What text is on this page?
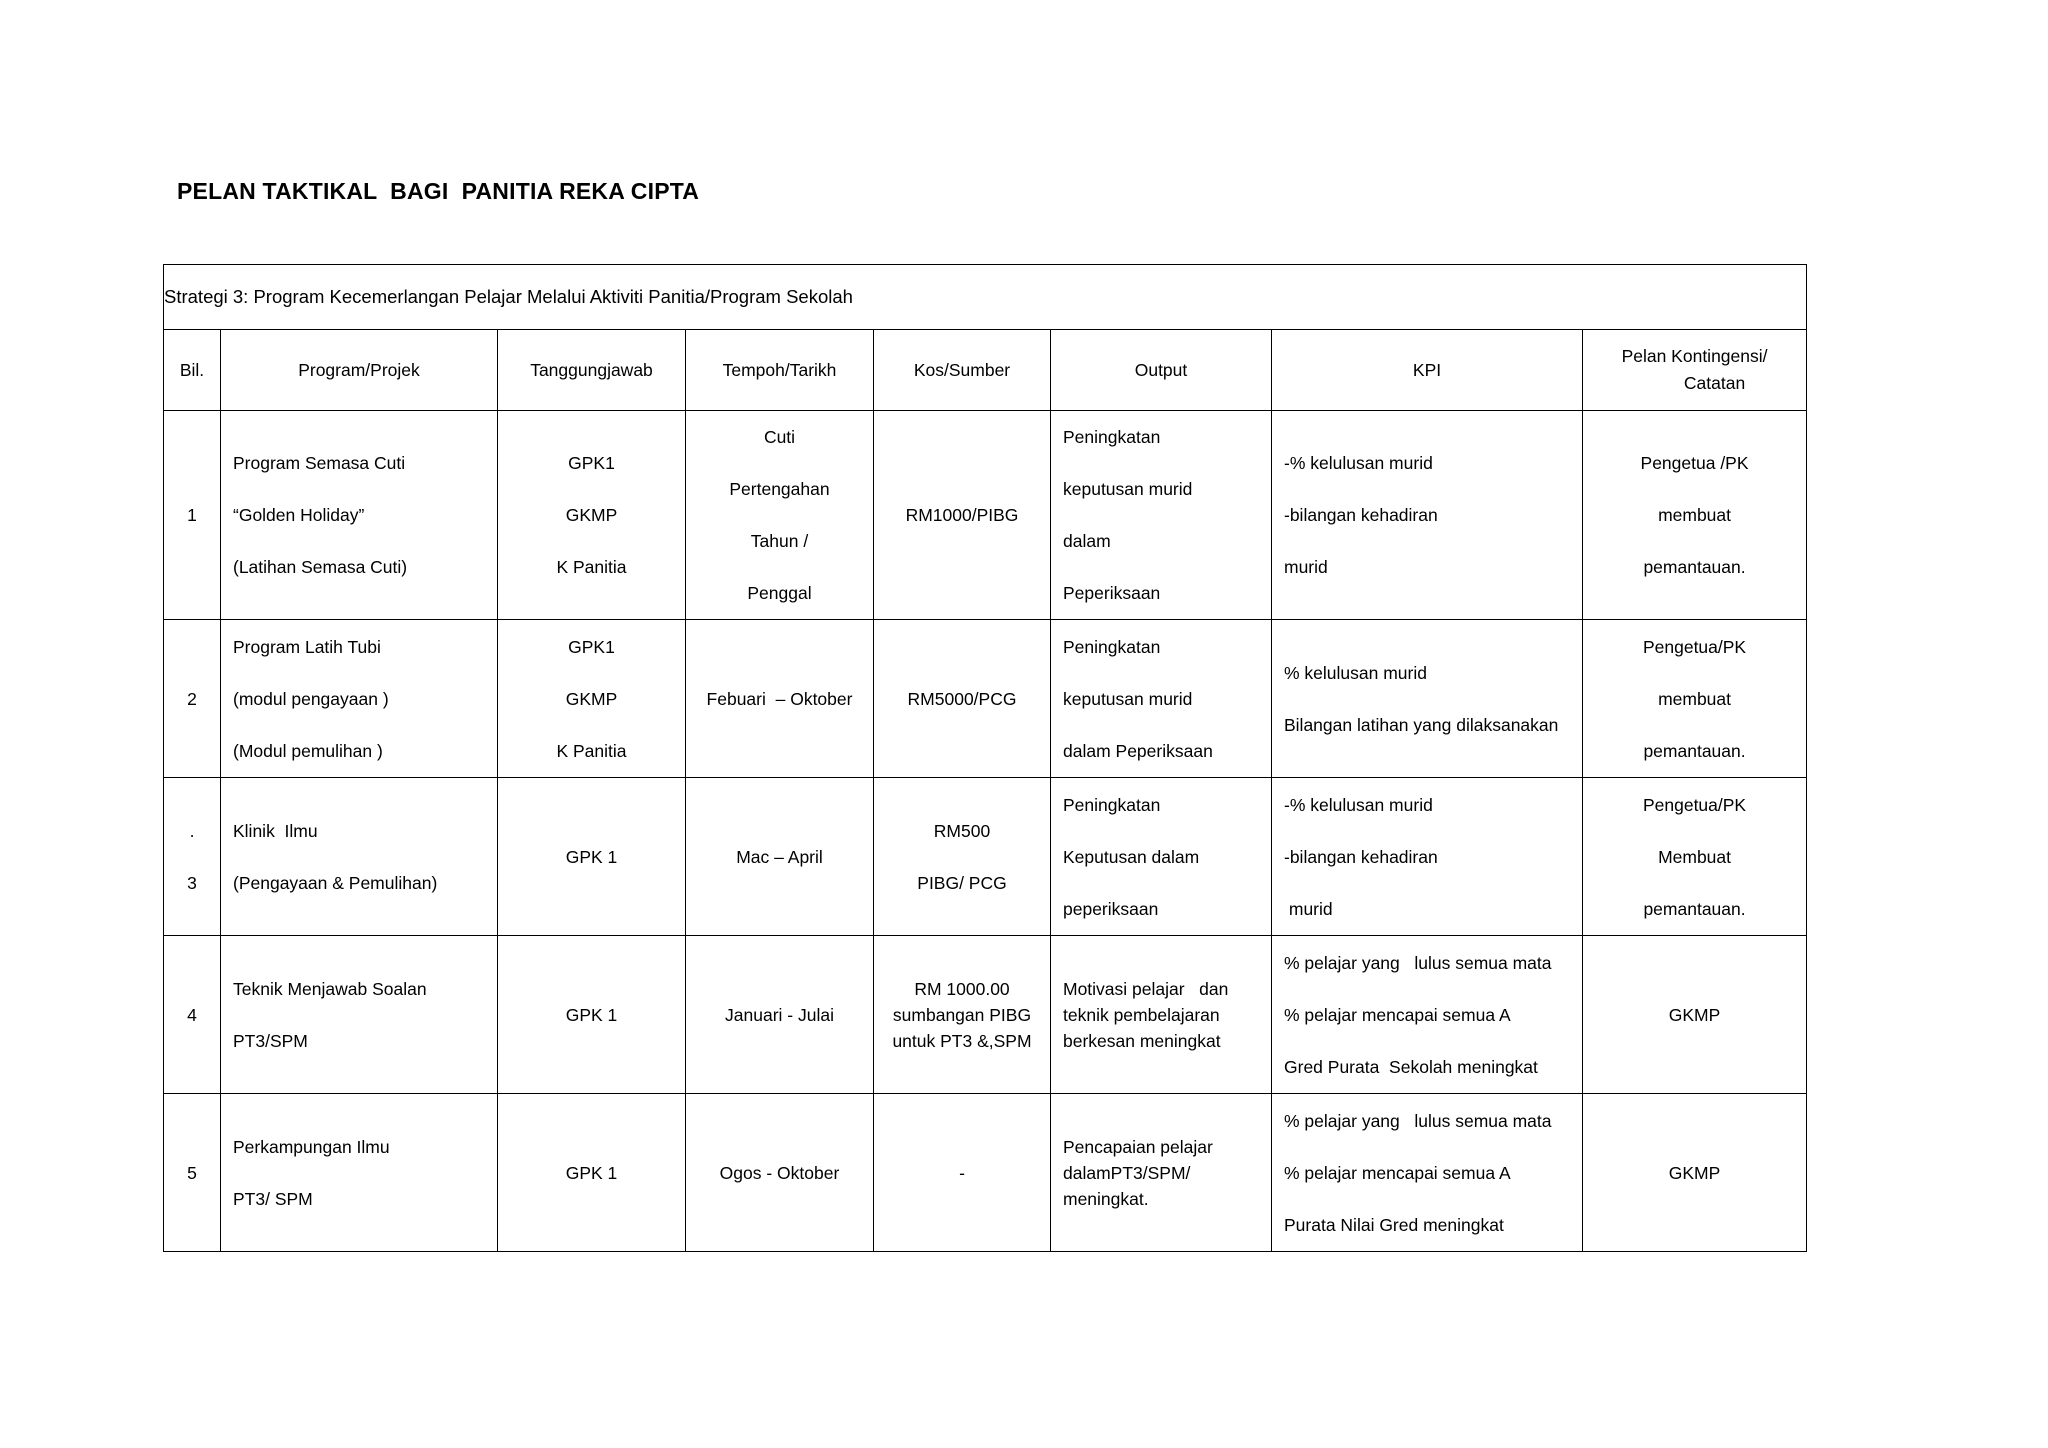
PELAN TAKTIKAL  BAGI  PANITIA REKA CIPTA
Strategi 3: Program Kecemerlangan Pelajar Melalui Aktiviti Panitia/Program Sekolah							
Bil.	Program/Projek	Tanggungjawab	Tempoh/Tarikh	Kos/Sumber	Output	KPI	Pelan Kontingensi/
Catatan

1	Program Semasa Cuti
“Golden Holiday”
(Latihan Semasa Cuti)	GPK1
GKMP
K Panitia	Cuti
Pertengahan
Tahun /
Penggal	RM1000/PIBG	Peningkatan
keputusan murid
dalam
Peperiksaan	-% kelulusan murid
-bilangan kehadiran
murid	Pengetua /PK
membuat
pemantauan.

2	Program Latih Tubi
(modul pengayaan )
(Modul pemulihan )	GPK1
GKMP
K Panitia	Febuari  – Oktober	RM5000/PCG	Peningkatan
keputusan murid
dalam Peperiksaan	% kelulusan murid
Bilangan latihan yang dilaksanakan	Pengetua/PK
membuat
pemantauan.

.
3	Klinik  Ilmu
(Pengayaan & Pemulihan)	GPK 1	Mac – April	RM500
PIBG/ PCG	Peningkatan
Keputusan dalam
peperiksaan	-% kelulusan murid
-bilangan kehadiran
murid	Pengetua/PK
Membuat
pemantauan.

4	Teknik Menjawab Soalan
PT3/SPM	GPK 1	Januari - Julai	RM 1000.00
sumbangan PIBG
untuk PT3 &,SPM	Motivasi pelajar   dan
teknik pembelajaran
berkesan meningkat	% pelajar yang   lulus semua mata
% pelajar mencapai semua A
Gred Purata  Sekolah meningkat	GKMP

5	Perkampungan Ilmu
PT3/ SPM	GPK 1	Ogos - Oktober	-	Pencapaian pelajar
dalamPT3/SPM/
meningkat.	% pelajar yang   lulus semua mata
% pelajar mencapai semua A
Purata Nilai Gred meningkat	GKMP
